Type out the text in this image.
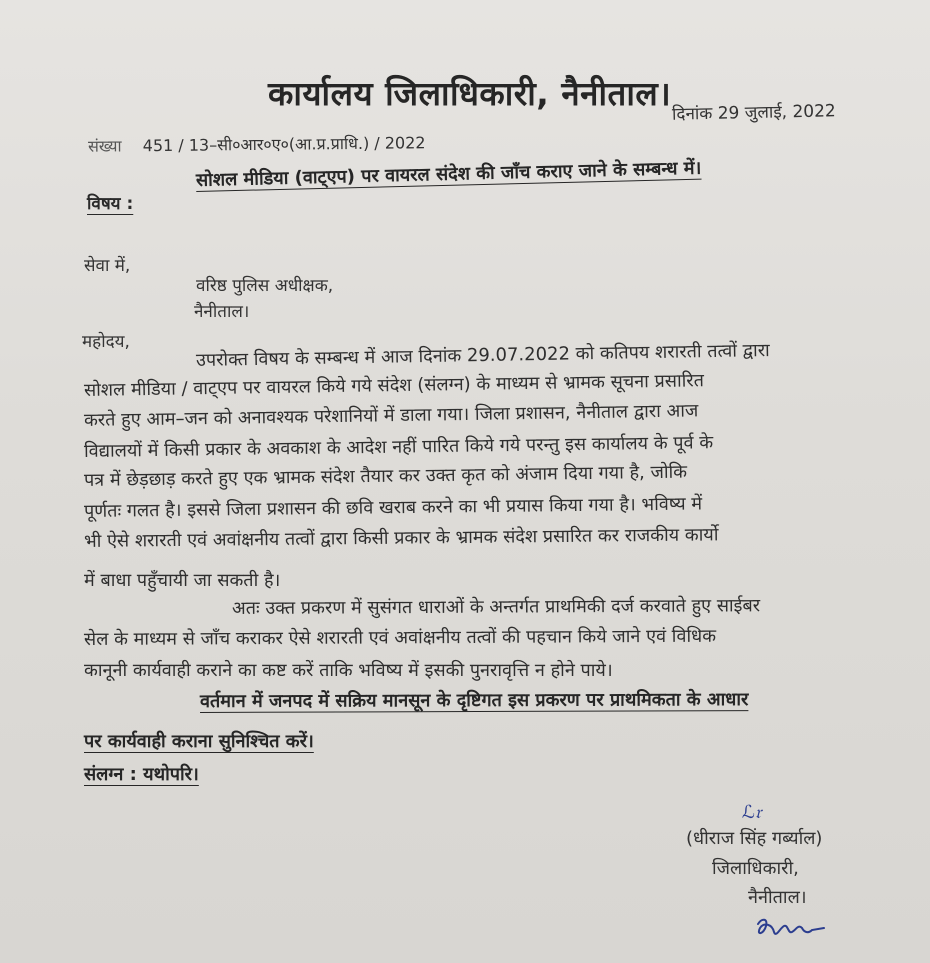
कार्यालय जिलाधिकारी, नैनीताल। दिनांक 29 जुलाई, 2022
संख्या 451 / 13–सी०आर०ए०(आ.प्र.प्राधि.) / 2022
विषय :
सोशल मीडिया (वाट्एप) पर वायरल संदेश की जाँच कराए जाने के सम्बन्ध में।
सेवा में,
वरिष्ठ पुलिस अधीक्षक,
नैनीताल।
महोदय,	उपरोक्त विषय के सम्बन्ध में आज दिनांक 29.07.2022 को कतिपय शरारती तत्वों द्वारा
सोशल मीडिया / वाट्एप पर वायरल किये गये संदेश (संलग्न) के माध्यम से भ्रामक सूचना प्रसारित
करते हुए आम–जन को अनावश्यक परेशानियों में डाला गया। जिला प्रशासन, नैनीताल द्वारा आज
विद्यालयों में किसी प्रकार के अवकाश के आदेश नहीं पारित किये गये परन्तु इस कार्यालय के पूर्व के
पत्र में छेड़छाड़ करते हुए एक भ्रामक संदेश तैयार कर उक्त कृत को अंजाम दिया गया है, जोकि
पूर्णतः गलत है। इससे जिला प्रशासन की छवि खराब करने का भी प्रयास किया गया है। भविष्य में
भी ऐसे शरारती एवं अवांक्षनीय तत्वों द्वारा किसी प्रकार के भ्रामक संदेश प्रसारित कर राजकीय कार्यो
में बाधा पहुँचायी जा सकती है।
अतः उक्त प्रकरण में सुसंगत धाराओं के अन्तर्गत प्राथमिकी दर्ज करवाते हुए साईबर
सेल के माध्यम से जाँच कराकर ऐसे शरारती एवं अवांक्षनीय तत्वों की पहचान किये जाने एवं विधिक
कानूनी कार्यवाही कराने का कष्ट करें ताकि भविष्य में इसकी पुनरावृत्ति न होने पाये।
वर्तमान में जनपद में सक्रिय मानसून के दृष्टिगत इस प्रकरण पर प्राथमिकता के आधार
पर कार्यवाही कराना सुनिश्चित करें।
संलग्न : यथोपरि।
ℒ𝔯
(धीराज सिंह गर्ब्याल)
जिलाधिकारी,
नैनीताल।
